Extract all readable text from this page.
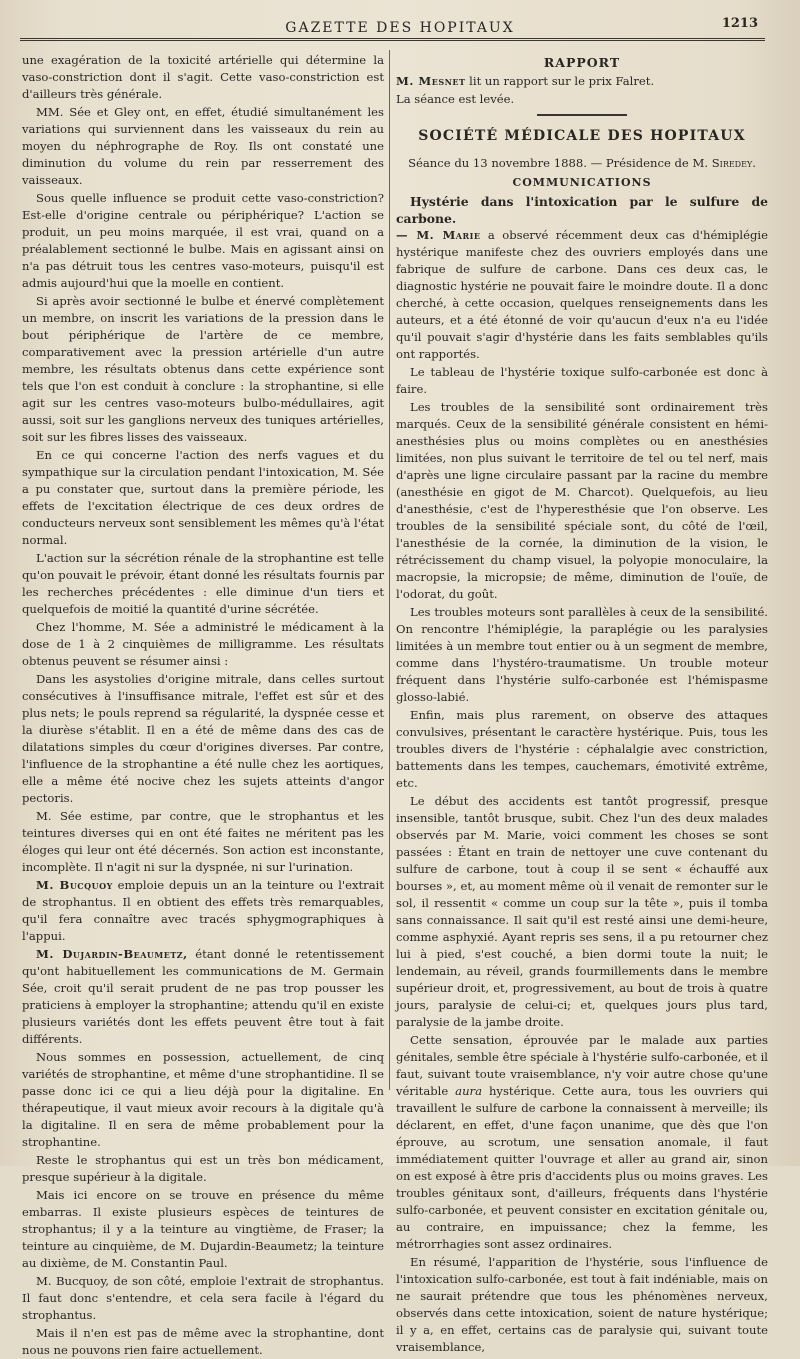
GAZETTE DES HOPITAUX	1213

une exagération de la toxicité artérielle qui détermine la vaso-constriction dont il s'agit. Cette vaso-constriction est d'ailleurs très générale.

MM. Sée et Gley ont, en effet, étudié simultanément les variations qui surviennent dans les vaisseaux du rein au moyen du néphrographe de Roy. Ils ont constaté une diminution du volume du rein par resserrement des vaisseaux.

Sous quelle influence se produit cette vaso-constriction? Est-elle d'origine centrale ou périphérique? L'action se produit, un peu moins marquée, il est vrai, quand on a préalablement sectionné le bulbe. Mais en agissant ainsi on n'a pas détruit tous les centres vaso-moteurs, puisqu'il est admis aujourd'hui que la moelle en contient.

Si après avoir sectionné le bulbe et énervé complètement un membre, on inscrit les variations de la pression dans le bout périphérique de l'artère de ce membre, comparativement avec la pression artérielle d'un autre membre, les résultats obtenus dans cette expérience sont tels que l'on est conduit à conclure : la strophantine, si elle agit sur les centres vaso-moteurs bulbo-médullaires, agit aussi, soit sur les ganglions nerveux des tuniques artérielles, soit sur les fibres lisses des vaisseaux.

En ce qui concerne l'action des nerfs vagues et du sympathique sur la circulation pendant l'intoxication, M. Sée a pu constater que, surtout dans la première période, les effets de l'excitation électrique de ces deux ordres de conducteurs nerveux sont sensiblement les mêmes qu'à l'état normal.

L'action sur la sécrétion rénale de la strophantine est telle qu'on pouvait le prévoir, étant donné les résultats fournis par les recherches précédentes : elle diminue d'un tiers et quelquefois de moitié la quantité d'urine sécrétée.

Chez l'homme, M. Sée a administré le médicament à la dose de 1 à 2 cinquièmes de milligramme. Les résultats obtenus peuvent se résumer ainsi :

Dans les asystolies d'origine mitrale, dans celles surtout consécutives à l'insuffisance mitrale, l'effet est sûr et des plus nets; le pouls reprend sa régularité, la dyspnée cesse et la diurèse s'établit. Il en a été de même dans des cas de dilatations simples du cœur d'origines diverses. Par contre, l'influence de la strophantine a été nulle chez les aortiques, elle a même été nocive chez les sujets atteints d'angor pectoris.

M. Sée estime, par contre, que le strophantus et les teintures diverses qui en ont été faites ne méritent pas les éloges qui leur ont été décernés. Son action est inconstante, incomplète. Il n'agit ni sur la dyspnée, ni sur l'urination.

M. Bucquoy emploie depuis un an la teinture ou l'extrait de strophantus. Il en obtient des effets très remarquables, qu'il fera connaître avec tracés sphygmographiques à l'appui.

M. Dujardin-Beaumetz, étant donné le retentissement qu'ont habituellement les communications de M. Germain Sée, croit qu'il serait prudent de ne pas trop pousser les praticiens à employer la strophantine; attendu qu'il en existe plusieurs variétés dont les effets peuvent être tout à fait différents.

Nous sommes en possession, actuellement, de cinq variétés de strophantine, et même d'une strophantidine. Il se passe donc ici ce qui a lieu déjà pour la digitaline. En thérapeutique, il vaut mieux avoir recours à la digitale qu'à la digitaline. Il en sera de même probablement pour la strophantine.

Reste le strophantus qui est un très bon médicament, presque supérieur à la digitale.

Mais ici encore on se trouve en présence du même embarras. Il existe plusieurs espèces de teintures de strophantus; il y a la teinture au vingtième, de Fraser; la teinture au cinquième, de M. Dujardin-Beaumetz; la teinture au dixième, de M. Constantin Paul.

M. Bucquoy, de son côté, emploie l'extrait de strophantus. Il faut donc s'entendre, et cela sera facile à l'égard du strophantus.

Mais il n'en est pas de même avec la strophantine, dont nous ne pouvons rien faire actuellement.

RAPPORT

M. Mesnet lit un rapport sur le prix Falret.

La séance est levée.

SOCIÉTÉ MÉDICALE DES HOPITAUX

Séance du 13 novembre 1888. — Présidence de M. Siredey.

COMMUNICATIONS
Hystérie dans l'intoxication par le sulfure de carbone.

— M. Marie a observé récemment deux cas d'hémiplégie hystérique manifeste chez des ouvriers employés dans une fabrique de sulfure de carbone. Dans ces deux cas, le diagnostic hystérie ne pouvait faire le moindre doute. Il a donc cherché, à cette occasion, quelques renseignements dans les auteurs, et a été étonné de voir qu'aucun d'eux n'a eu l'idée qu'il pouvait s'agir d'hystérie dans les faits semblables qu'ils ont rapportés.

Le tableau de l'hystérie toxique sulfo-carbonée est donc à faire.

Les troubles de la sensibilité sont ordinairement très marqués. Ceux de la sensibilité générale consistent en hémi-anesthésies plus ou moins complètes ou en anesthésies limitées, non plus suivant le territoire de tel ou tel nerf, mais d'après une ligne circulaire passant par la racine du membre (anesthésie en gigot de M. Charcot). Quelquefois, au lieu d'anesthésie, c'est de l'hyperesthésie que l'on observe. Les troubles de la sensibilité spéciale sont, du côté de l'œil, l'anesthésie de la cornée, la diminution de la vision, le rétrécissement du champ visuel, la polyopie monoculaire, la macropsie, la micropsie; de même, diminution de l'ouïe, de l'odorat, du goût.

Les troubles moteurs sont parallèles à ceux de la sensibilité. On rencontre l'hémiplégie, la paraplégie ou les paralysies limitées à un membre tout entier ou à un segment de membre, comme dans l'hystéro-traumatisme. Un trouble moteur fréquent dans l'hystérie sulfo-carbonée est l'hémispasme glosso-labié.

Enfin, mais plus rarement, on observe des attaques convulsives, présentant le caractère hystérique. Puis, tous les troubles divers de l'hystérie : céphalalgie avec constriction, battements dans les tempes, cauchemars, émotivité extrême, etc.

Le début des accidents est tantôt progressif, presque insensible, tantôt brusque, subit. Chez l'un des deux malades observés par M. Marie, voici comment les choses se sont passées : Étant en train de nettoyer une cuve contenant du sulfure de carbone, tout à coup il se sent « échauffé aux bourses », et, au moment même où il venait de remonter sur le sol, il ressentit « comme un coup sur la tête », puis il tomba sans connaissance. Il sait qu'il est resté ainsi une demi-heure, comme asphyxié. Ayant repris ses sens, il a pu retourner chez lui à pied, s'est couché, a bien dormi toute la nuit; le lendemain, au réveil, grands fourmillements dans le membre supérieur droit, et, progressivement, au bout de trois à quatre jours, paralysie de celui-ci; et, quelques jours plus tard, paralysie de la jambe droite.

Cette sensation, éprouvée par le malade aux parties génitales, semble être spéciale à l'hystérie sulfo-carbonée, et il faut, suivant toute vraisemblance, n'y voir autre chose qu'une véritable aura hystérique. Cette aura, tous les ouvriers qui travaillent le sulfure de carbone la connaissent à merveille; ils déclarent, en effet, d'une façon unanime, que dès que l'on éprouve, au scrotum, une sensation anomale, il faut immédiatement quitter l'ouvrage et aller au grand air, sinon on est exposé à être pris d'accidents plus ou moins graves. Les troubles génitaux sont, d'ailleurs, fréquents dans l'hystérie sulfo-carbonée, et peuvent consister en excitation génitale ou, au contraire, en impuissance; chez la femme, les métrorrhagies sont assez ordinaires.

En résumé, l'apparition de l'hystérie, sous l'influence de l'intoxication sulfo-carbonée, est tout à fait indéniable, mais on ne saurait prétendre que tous les phénomènes nerveux, observés dans cette intoxication, soient de nature hystérique; il y a, en effet, certains cas de paralysie qui, suivant toute vraisemblance,
